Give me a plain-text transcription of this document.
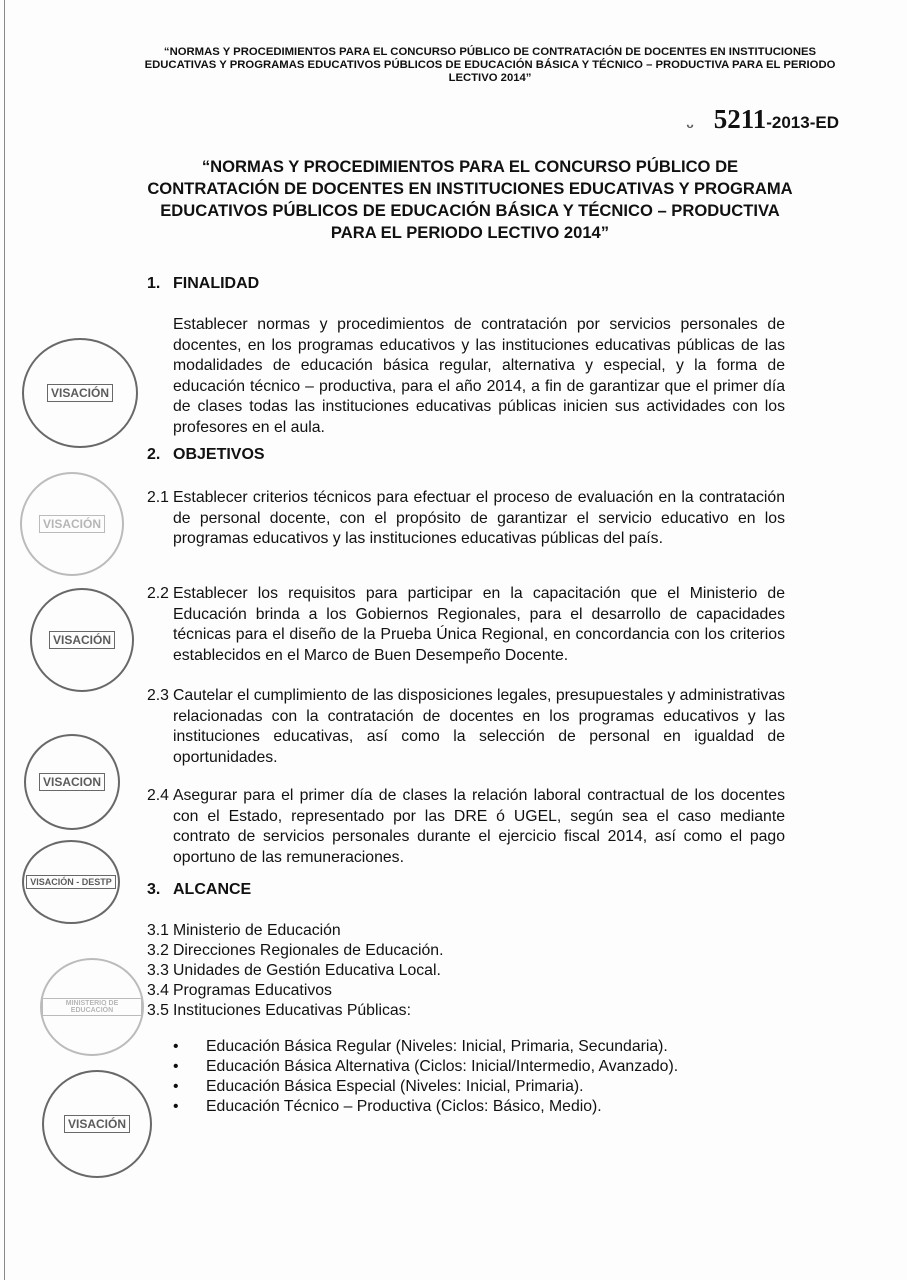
“NORMAS Y PROCEDIMIENTOS PARA EL CONCURSO PÚBLICO DE CONTRATACIÓN DE DOCENTES EN INSTITUCIONES EDUCATIVAS Y PROGRAMAS EDUCATIVOS PÚBLICOS DE EDUCACIÓN BÁSICA Y TÉCNICO – PRODUCTIVA PARA EL PERIODO LECTIVO 2014”
ᴗ 5211-2013-ED
“NORMAS Y PROCEDIMIENTOS PARA EL CONCURSO PÚBLICO DE CONTRATACIÓN DE DOCENTES EN INSTITUCIONES EDUCATIVAS Y PROGRAMA EDUCATIVOS PÚBLICOS DE EDUCACIÓN BÁSICA Y TÉCNICO – PRODUCTIVA PARA EL PERIODO LECTIVO 2014”
1. FINALIDAD
Establecer normas y procedimientos de contratación por servicios personales de docentes, en los programas educativos y las instituciones educativas públicas de las modalidades de educación básica regular, alternativa y especial, y la forma de educación técnico – productiva, para el año 2014, a fin de garantizar que el primer día de clases todas las instituciones educativas públicas inicien sus actividades con los profesores en el aula.
2. OBJETIVOS
2.1 Establecer criterios técnicos para efectuar el proceso de evaluación en la contratación de personal docente, con el propósito de garantizar el servicio educativo en los programas educativos y las instituciones educativas públicas del país.
2.2 Establecer los requisitos para participar en la capacitación que el Ministerio de Educación brinda a los Gobiernos Regionales, para el desarrollo de capacidades técnicas para el diseño de la Prueba Única Regional, en concordancia con los criterios establecidos en el Marco de Buen Desempeño Docente.
2.3 Cautelar el cumplimiento de las disposiciones legales, presupuestales y administrativas relacionadas con la contratación de docentes en los programas educativos y las instituciones educativas, así como la selección de personal en igualdad de oportunidades.
2.4 Asegurar para el primer día de clases la relación laboral contractual de los docentes con el Estado, representado por las DRE ó UGEL, según sea el caso mediante contrato de servicios personales durante el ejercicio fiscal 2014, así como el pago oportuno de las remuneraciones.
3. ALCANCE
3.1 Ministerio de Educación
3.2 Direcciones Regionales de Educación.
3.3 Unidades de Gestión Educativa Local.
3.4 Programas Educativos
3.5 Instituciones Educativas Públicas:
• Educación Básica Regular (Niveles: Inicial, Primaria, Secundaria).
• Educación Básica Alternativa (Ciclos: Inicial/Intermedio, Avanzado).
• Educación Básica Especial (Niveles: Inicial, Primaria).
• Educación Técnico – Productiva (Ciclos: Básico, Medio).
VISACIÓN
VISACIÓN
VISACIÓN
VISACION
VISACIÓN - DESTP
MINISTERIO DE EDUCACIÓN
VISACIÓN
